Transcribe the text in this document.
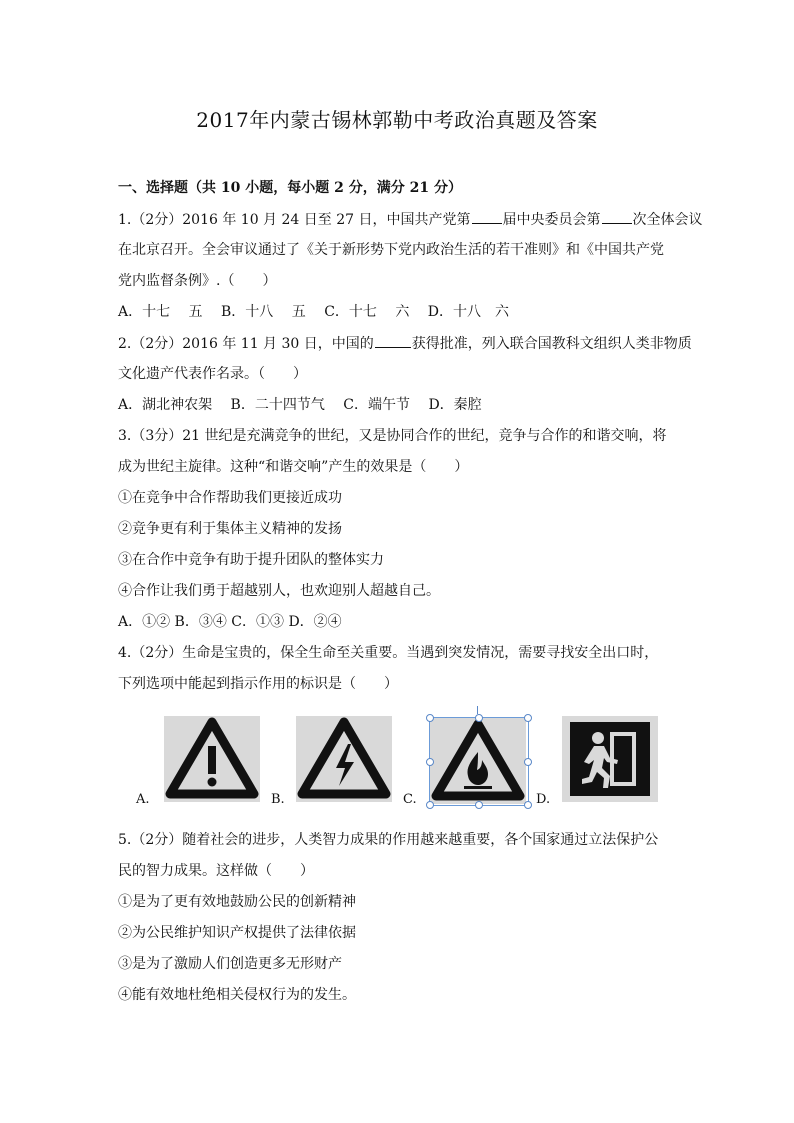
2017年内蒙古锡林郭勒中考政治真题及答案
一、选择题（共 10 小题，每小题 2 分，满分 21 分）
1.（2分）2016 年 10 月 24 日至 27 日，中国共产党第 届中央委员会第 次全体会议
在北京召开。全会审议通过了《关于新形势下党内政治生活的若干准则》和《中国共产党
党内监督条例》.（　　）
A．十七　 五　 B．十八　 五　 C．十七　 六　 D．十八　六
2.（2分）2016 年 11 月 30 日，中国的	获得批准，列入联合国教科文组织人类非物质
文化遗产代表作名录。（　　）
A．湖北神农架　 B．二十四节气　 C．端午节　 D．秦腔
3.（3分）21 世纪是充满竞争的世纪，又是协同合作的世纪，竞争与合作的和谐交响，将
成为世纪主旋律。这种“和谐交响”产生的效果是（　　）
①在竞争中合作帮助我们更接近成功
②竞争更有利于集体主义精神的发扬
③在合作中竞争有助于提升团队的整体实力
④合作让我们勇于超越别人，也欢迎别人超越自己。
A．①② B．③④ C．①③ D．②④
4.（2分）生命是宝贵的，保全生命至关重要。当遇到突发情况，需要寻找安全出口时，
下列选项中能起到指示作用的标识是（　　）
A.	B.	C.	D.
5.（2分）随着社会的进步，人类智力成果的作用越来越重要，各个国家通过立法保护公
民的智力成果。这样做（　　）
①是为了更有效地鼓励公民的创新精神
②为公民维护知识产权提供了法律依据
③是为了激励人们创造更多无形财产
④能有效地杜绝相关侵权行为的发生。
